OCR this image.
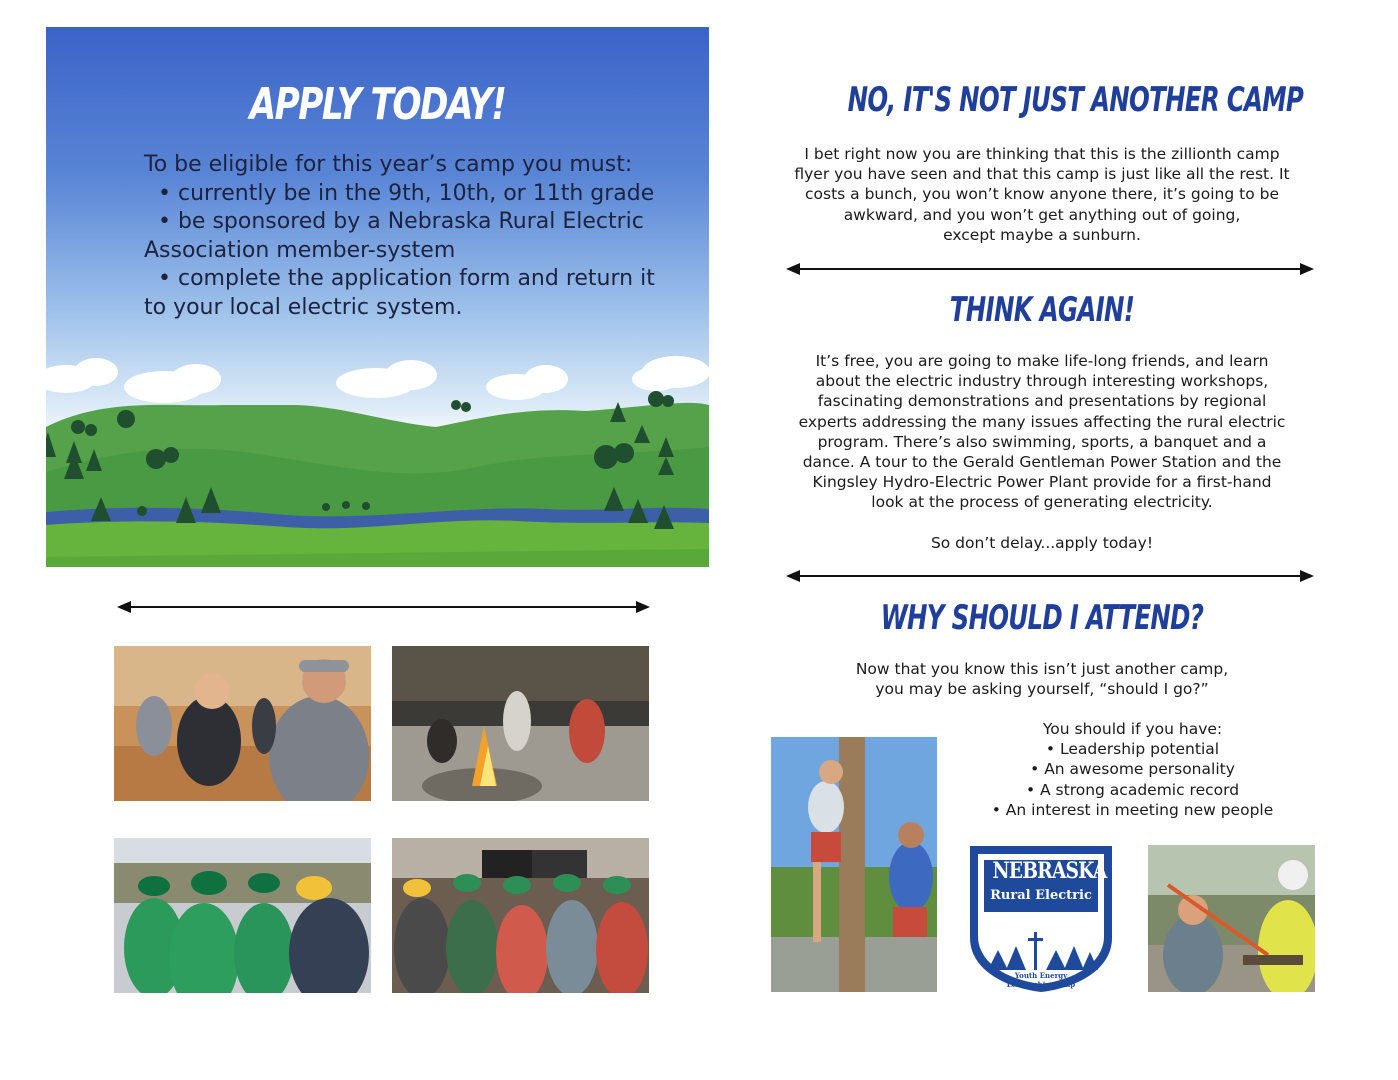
APPLY TODAY!

To be eligible for this year’s camp you must:

• currently be in the 9th, 10th, or 11th grade

• be sponsored by a Nebraska Rural Electric

Association member-system

• complete the application form and return it

to your local electric system.

NO, IT'S NOT JUST ANOTHER CAMP

I bet right now you are thinking that this is the zillionth camp

flyer you have seen and that this camp is just like all the rest. It

costs a bunch, you won’t know anyone there, it’s going to be

awkward, and you won’t get anything out of going,

except maybe a sunburn.

THINK AGAIN!

It’s free, you are going to make life-long friends, and learn

about the electric industry through interesting workshops,

fascinating demonstrations and presentations by regional

experts addressing the many issues affecting the rural electric

program. There’s also swimming, sports, a banquet and a

dance. A tour to the Gerald Gentleman Power Station and the

Kingsley Hydro-Electric Power Plant provide for a first-hand

look at the process of generating electricity.

So don’t delay...apply today!

WHY SHOULD I ATTEND?

Now that you know this isn’t just another camp,

you may be asking yourself, “should I go?”

You should if you have:

• Leadership potential

• An awesome personality

• A strong academic record

• An interest in meeting new people

NEBRASKA
Rural Electric
Youth Energy
Leadership Camp
